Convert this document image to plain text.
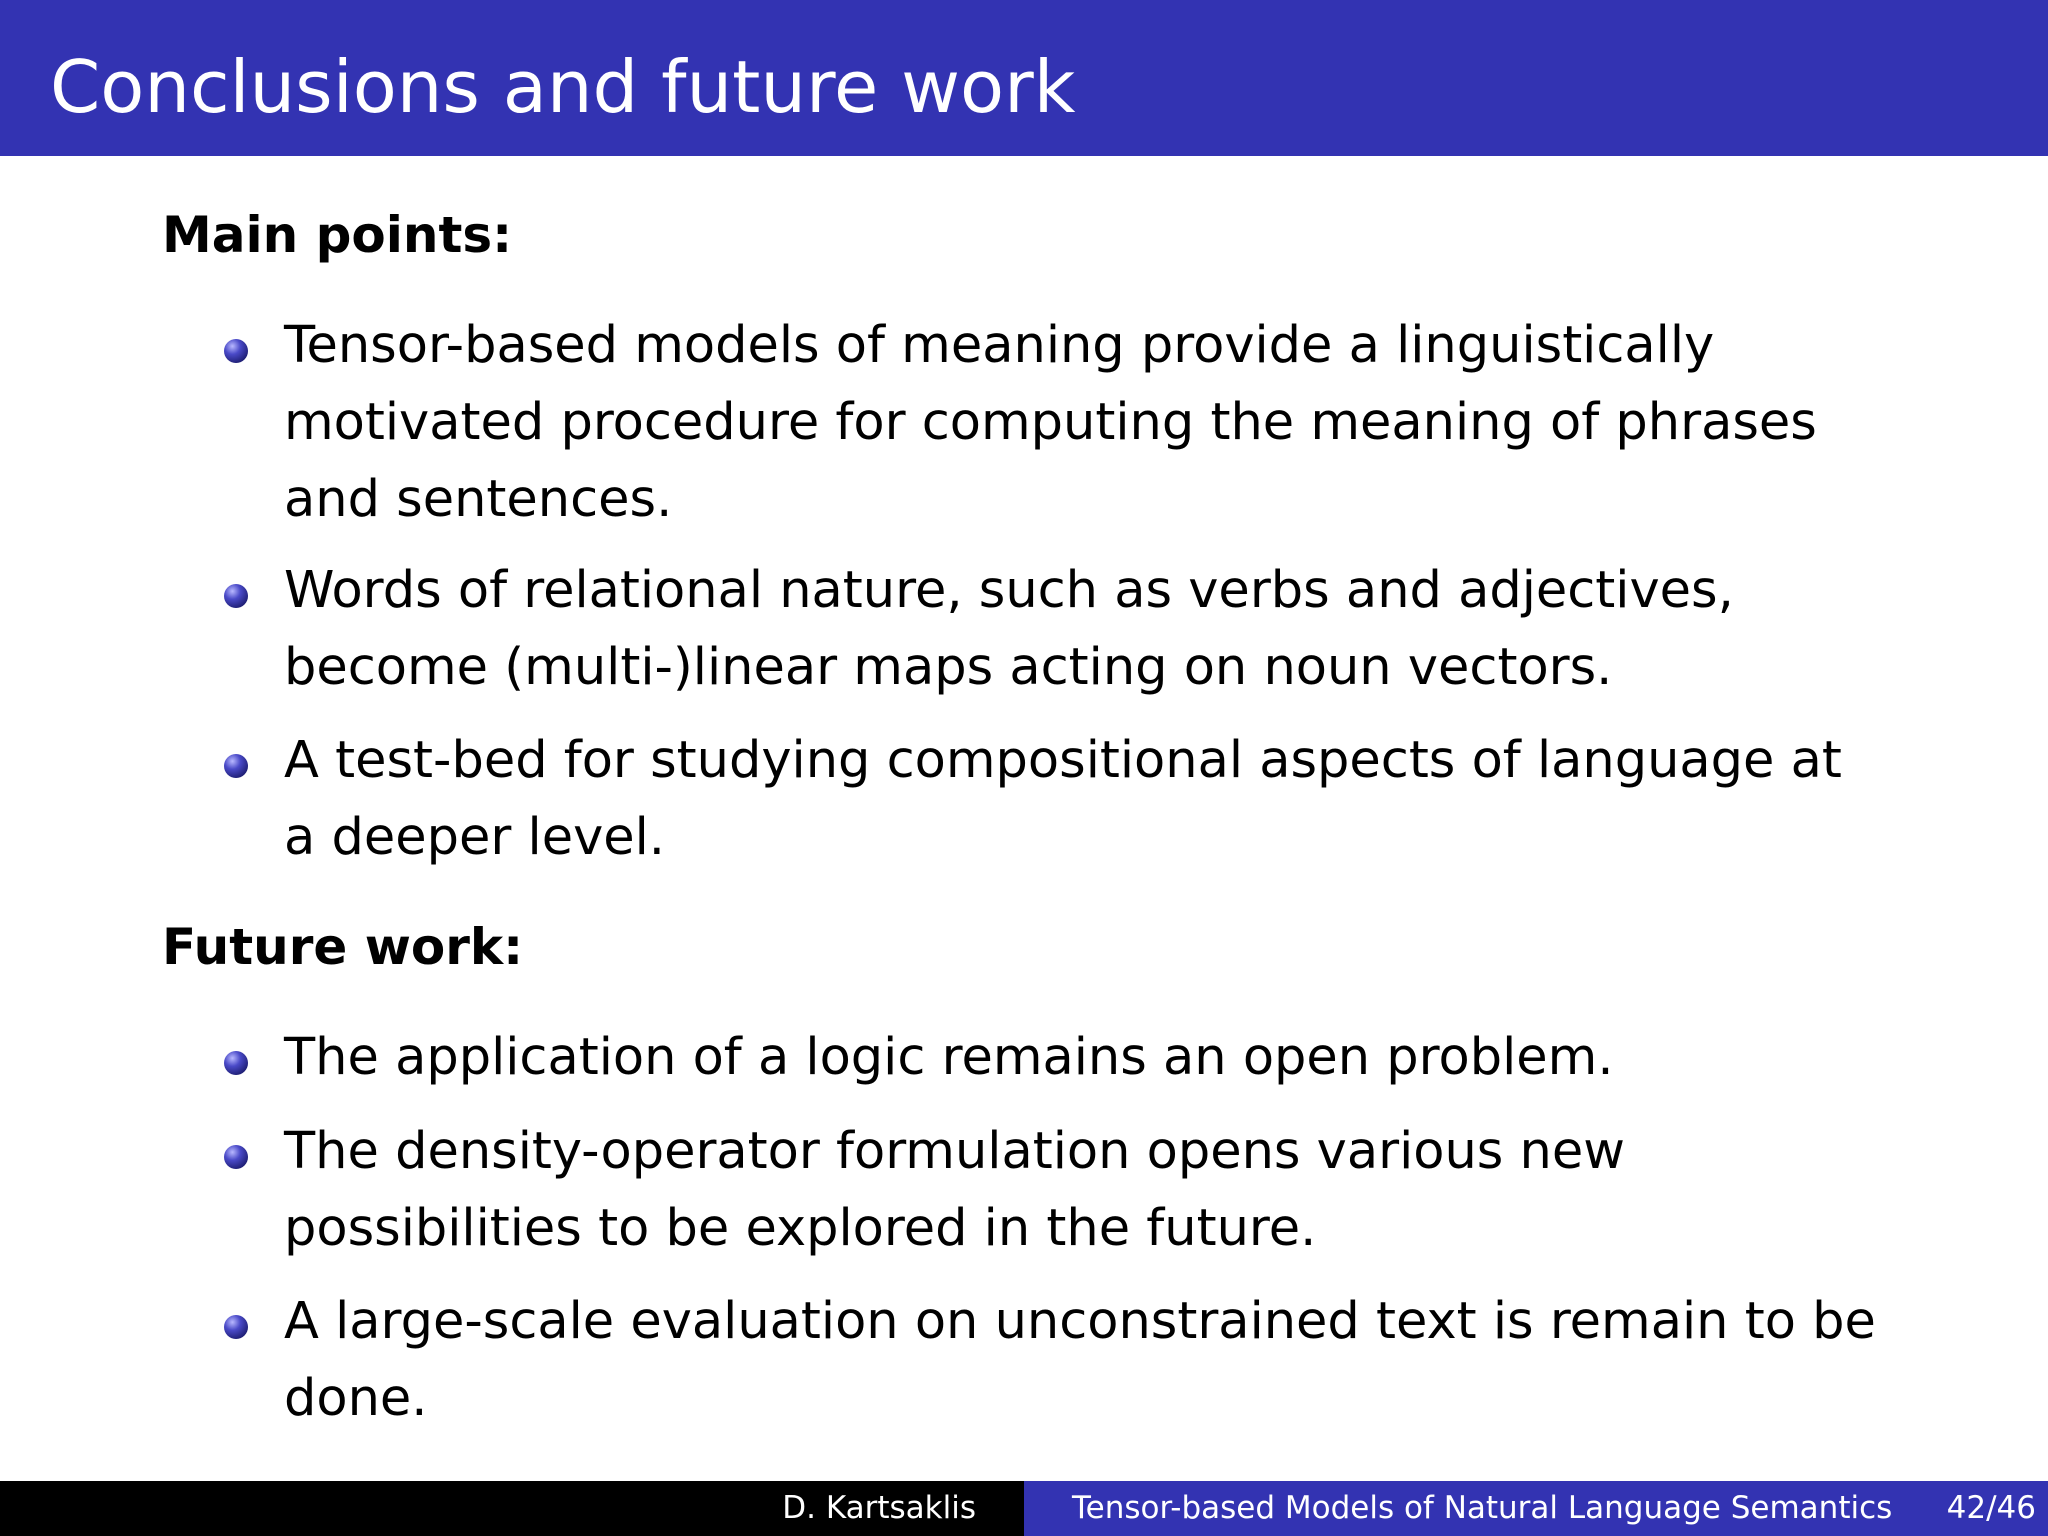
Conclusions and future work
Main points:
Tensor-based models of meaning provide a linguistically
motivated procedure for computing the meaning of phrases
and sentences.
Words of relational nature, such as verbs and adjectives,
become (multi-)linear maps acting on noun vectors.
A test-bed for studying compositional aspects of language at
a deeper level.
Future work:
The application of a logic remains an open problem.
The density-operator formulation opens various new
possibilities to be explored in the future.
A large-scale evaluation on unconstrained text is remain to be
done.
D. Kartsaklis	Tensor-based Models of Natural Language Semantics 42/46
